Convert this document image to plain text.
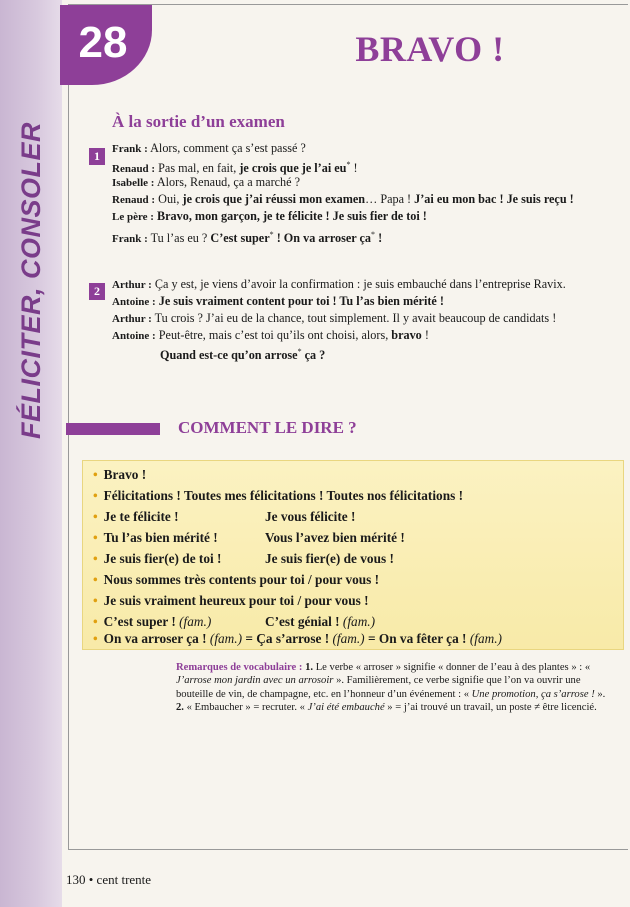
FÉLICITER, CONSOLER
28	BRAVO !
À la sortie d’un examen
1	Frank : Alors, comment ça s’est passé ?
Renaud : Pas mal, en fait, je crois que je l’ai eu* !
Isabelle : Alors, Renaud, ça a marché ?
Renaud : Oui, je crois que j’ai réussi mon examen… Papa ! J’ai eu mon bac ! Je suis reçu !
Le père : Bravo, mon garçon, je te félicite ! Je suis fier de toi !
Frank : Tu l’as eu ? C’est super* ! On va arroser ça* !
2	Arthur : Ça y est, je viens d’avoir la confirmation : je suis embauché dans l’entreprise Ravix.
Antoine : Je suis vraiment content pour toi ! Tu l’as bien mérité !
Arthur : Tu crois ? J’ai eu de la chance, tout simplement. Il y avait beaucoup de candidats !
Antoine : Peut-être, mais c’est toi qu’ils ont choisi, alors, bravo !
Quand est-ce qu’on arrose* ça ?
COMMENT LE DIRE ?
• Bravo !
• Félicitations ! Toutes mes félicitations ! Toutes nos félicitations !
• Je te félicite !	Je vous félicite !
• Tu l’as bien mérité !	Vous l’avez bien mérité !
• Je suis fier(e) de toi !	Je suis fier(e) de vous !
• Nous sommes très contents pour toi / pour vous !
• Je suis vraiment heureux pour toi / pour vous !
• C’est super ! (fam.)	C’est génial ! (fam.)
• On va arroser ça ! (fam.) = Ça s’arrose ! (fam.) = On va fêter ça ! (fam.)
Remarques de vocabulaire : 1. Le verbe « arroser » signifie « donner de l’eau à des plantes » : « J’arrose mon jardin avec un arrosoir ». Familièrement, ce verbe signifie que l’on va ouvrir une bouteille de vin, de champagne, etc. en l’honneur d’un événement : « Une promotion, ça s’arrose ! ».
2. « Embaucher » = recruter. « J’ai été embauché » = j’ai trouvé un travail, un poste ≠ être licencié.
130 • cent trente
